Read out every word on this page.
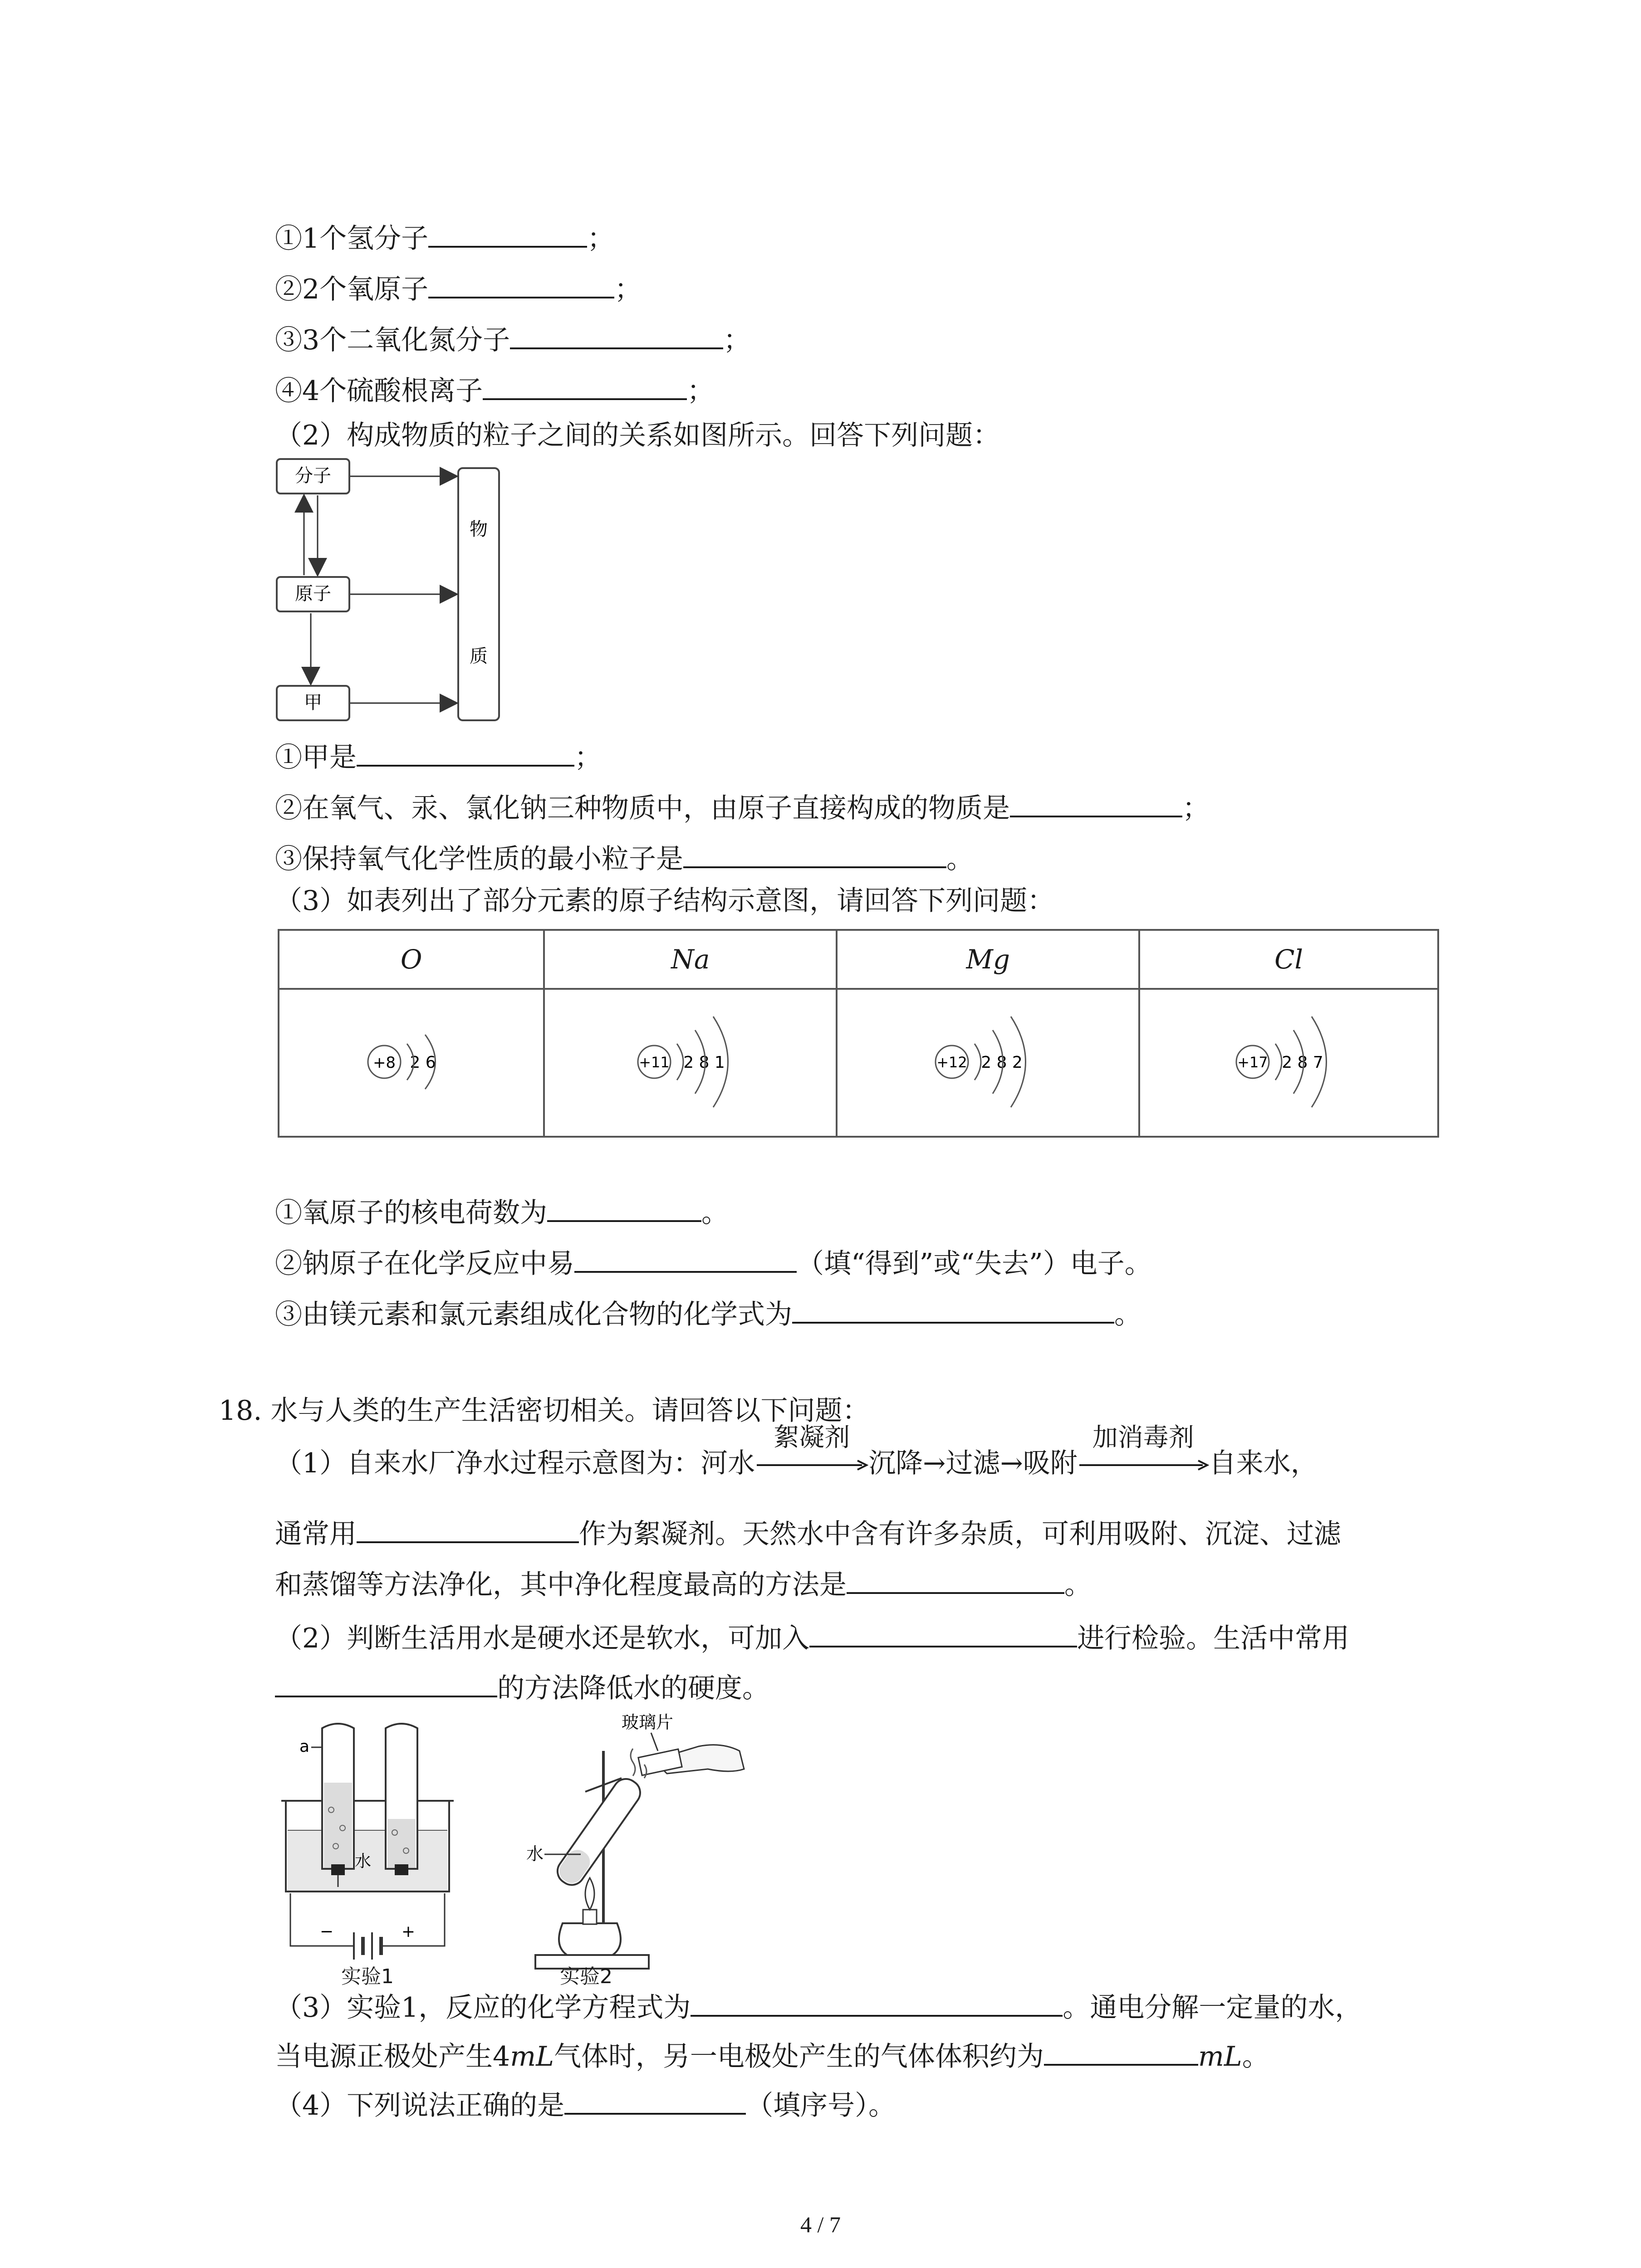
①1个氢分子	；
②2个氧原子	；
③3个二氧化氮分子	；
④4个硫酸根离子	；
（2）构成物质的粒子之间的关系如图所示。回答下列问题：
分子
原子
甲
物
质
①甲是	；
②在氧气、汞、氯化钠三种物质中，由原子直接构成的物质是	；
③保持氧气化学性质的最小粒子是	。
（3）如表列出了部分元素的原子结构示意图，请回答下列问题：
O	Na	Mg	Cl

+8 2 6	+11 2 8 1	+12 2 8 2	+17 2 8 7
①氧原子的核电荷数为	。
②钠原子在化学反应中易	（填“得到”或“失去”）电子。
③由镁元素和氯元素组成化合物的化学式为	。
18. 水与人类的生产生活密切相关。请回答以下问题：
（1）自来水厂净水过程示意图为：河水
絮凝剂
沉降→过滤→吸附
加消毒剂
自来水，
通常用	作为絮凝剂。天然水中含有许多杂质，可利用吸附、沉淀、过滤
和蒸馏等方法净化，其中净化程度最高的方法是	。
（2）判断生活用水是硬水还是软水，可加入	进行检验。生活中常用
的方法降低水的硬度。
a
水
−	+
实验1
玻璃片
水
实验2
（3）实验1，反应的化学方程式为	。通电分解一定量的水，
当电源正极处产生4mL气体时，另一电极处产生的气体体积约为	mL。
（4）下列说法正确的是	（填序号）。
4 / 7
